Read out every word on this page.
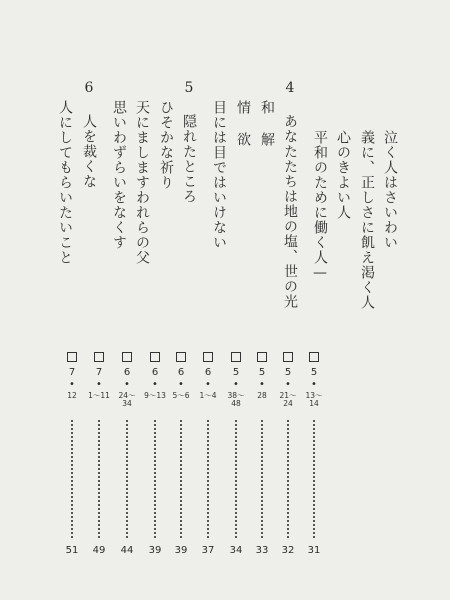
泣く人はさいわい
義に、正しさに飢え渇く人
心のきよい人
平和のために働く人—
4 あなたたちは地の塩、世の光
和 解
情 欲
目には目ではいけない
5 隠れたところ
ひそかな祈り
天にましますわれらの父
思いわずらいをなくす
6 人を裁くな
人にしてもらいたいこと
5
•
13〜14
31
5
•
21〜24
32
5
•
28
33
5
•
38〜48
34
6
•
1〜4
37
6
•
5〜6
39
6
•
9〜13
39
6
•
24〜34
44
7
•
1〜11
49
7
•
12
51
